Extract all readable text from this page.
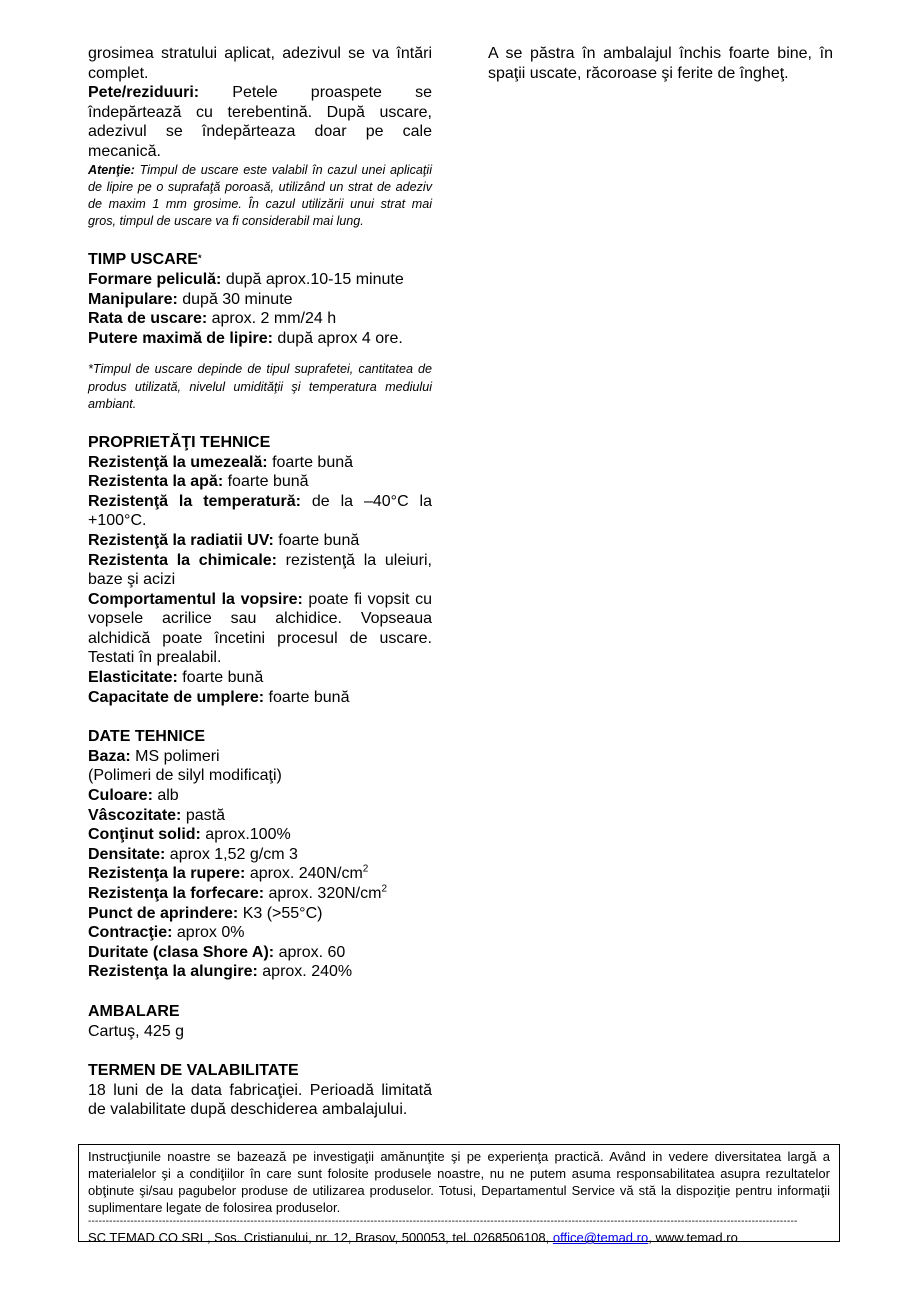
grosimea stratului aplicat, adezivul se va întări complet.

Pete/reziduuri: Petele proaspete se îndepărtează cu terebentină. După uscare, adezivul se îndepărteaza doar pe cale mecanică.

Atenţie: Timpul de uscare este valabil în cazul unei aplicaţii de lipire pe o suprafaţă poroasă, utilizând un strat de adeziv de maxim 1 mm grosime. În cazul utilizării unui strat mai gros, timpul de uscare va fi considerabil mai lung.

TIMP USCARE*

Formare peliculă: după aprox.10-15 minute

Manipulare: după 30 minute

Rata de uscare: aprox. 2 mm/24 h

Putere maximă de lipire: după aprox 4 ore.

*Timpul de uscare depinde de tipul suprafetei, cantitatea de produs utilizată, nivelul umidităţii şi temperatura mediului ambiant.

PROPRIETĂŢI TEHNICE

Rezistenţă la umezeală: foarte bună

Rezistenta la apă: foarte bună

Rezistenţă la temperatură: de la –40°C la +100°C.

Rezistenţă la radiatii UV: foarte bună

Rezistenta la chimicale: rezistenţă la uleiuri, baze şi acizi

Comportamentul la vopsire: poate fi vopsit cu vopsele acrilice sau alchidice. Vopseaua alchidică poate încetini procesul de uscare. Testati în prealabil.

Elasticitate: foarte bună

Capacitate de umplere: foarte bună

DATE TEHNICE

Baza: MS polimeri

(Polimeri de silyl modificaţi)

Culoare: alb

Vâscozitate: pastă

Conţinut solid: aprox.100%

Densitate: aprox 1,52 g/cm 3

Rezistenţa la rupere: aprox. $240N/cm^2$

Rezistenţa la forfecare: aprox. $320N/cm^2$

Punct de aprindere: K3 (>55°C)

Contracţie: aprox 0%

Duritate (clasa Shore A): aprox. 60

Rezistenţa la alungire: aprox. 240%

AMBALARE

Cartuş, 425 g

TERMEN DE VALABILITATE

18 luni de la data fabricaţiei. Perioadă limitată de valabilitate după deschiderea ambalajului.

A se păstra în ambalajul închis foarte bine, în spaţii uscate, răcoroase şi ferite de îngheţ.

Instrucţiunile noastre se bazează pe investigaţii amănunţite şi pe experienţa practică. Având in vedere diversitatea largă a materialelor şi a condiţiilor în care sunt folosite produsele noastre, nu ne putem asuma responsabilitatea asupra rezultatelor obţinute şi/sau pagubelor produse de utilizarea produselor. Totusi, Departamentul Service vă stă la dispoziţie pentru informaţii suplimentare legate de folosirea produselor.

---------------------------------------------------------------------------------------------------------------------------------------------------------------------------------------------------------

SC TEMAD CO SRL, Sos. Cristianului, nr. 12, Brasov, 500053, tel. 0268506108, office@temad.ro, www.temad.ro
